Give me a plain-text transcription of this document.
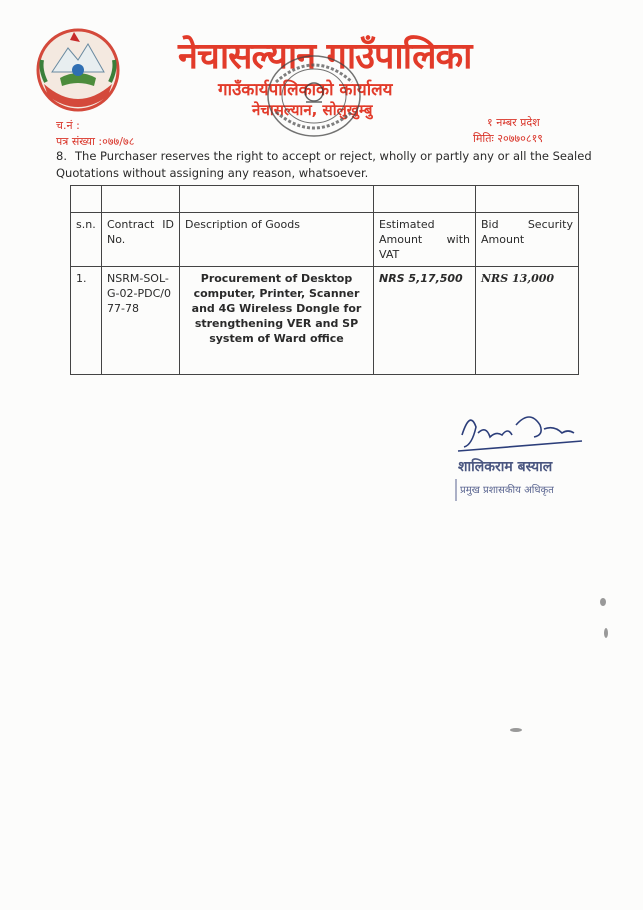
नेचासल्यान गाउँपालिका
गाउँकार्यपालिकाको कार्यालय
नेचासल्यान, सोलुखुम्बु
च.नं :
पत्र संख्या :०७७/७८
१ नम्बर प्रदेश
मितिः २०७७०८१९
8. The Purchaser reserves the right to accept or reject, wholly or partly any or all the Sealed Quotations without assigning any reason, whatsoever.

s.n.	Contract ID No.	Description of Goods	Estimated Amount with VAT	Bid Security Amount
1.	NSRM-SOL-G-02-PDC/077-78	Procurement of Desktop computer, Printer, Scanner and 4G Wireless Dongle for strengthening VER and SP system of Ward office	NRS 5,17,500	NRS 13,000
शालिकराम बस्याल
प्रमुख प्रशासकीय अधिकृत
